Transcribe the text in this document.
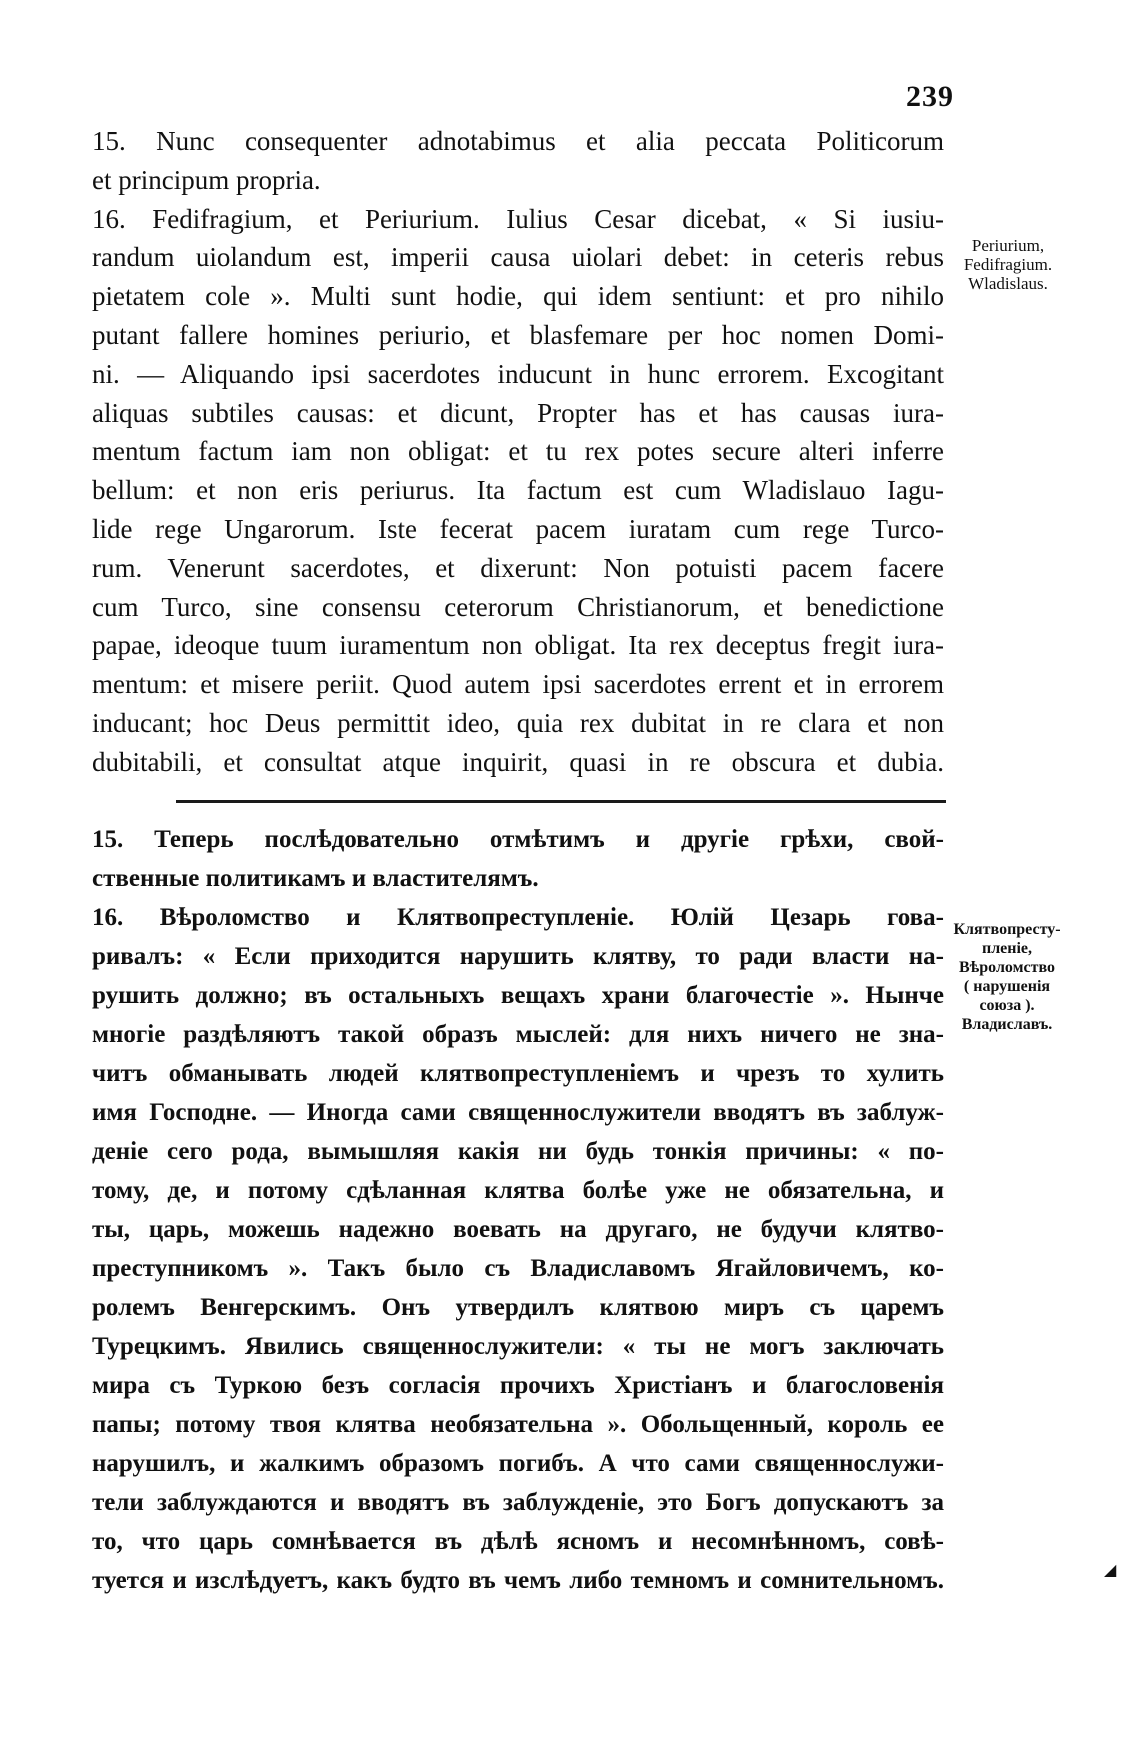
239
15. Nunc consequenter adnotabimus et alia peccata Politicorum
et principum propria.
16. Fedifragium, et Periurium. Iulius Cesar dicebat, « Si iusiu-
randum uiolandum est, imperii causa uiolari debet: in ceteris rebus
pietatem cole ». Multi sunt hodie, qui idem sentiunt: et pro nihilo
putant fallere homines periurio, et blasfemare per hoc nomen Domi-
ni. — Aliquando ipsi sacerdotes inducunt in hunc errorem. Excogitant
aliquas subtiles causas: et dicunt, Propter has et has causas iura-
mentum factum iam non obligat: et tu rex potes secure alteri inferre
bellum: et non eris periurus. Ita factum est cum Wladislauo Iagu-
lide rege Ungarorum. Iste fecerat pacem iuratam cum rege Turco-
rum. Venerunt sacerdotes, et dixerunt: Non potuisti pacem facere
cum Turco, sine consensu ceterorum Christianorum, et benedictione
papae, ideoque tuum iuramentum non obligat. Ita rex deceptus fregit iura-
mentum: et misere periit. Quod autem ipsi sacerdotes errent et in errorem
inducant; hoc Deus permittit ideo, quia rex dubitat in re clara et non
dubitabili, et consultat atque inquirit, quasi in re obscura et dubia.
Periurium,
Fedifragium.
Wladislaus.
15. Теперь послѣдовательно отмѣтимъ и другіе грѣхи, свой-
ственные политикамъ и властителямъ.
16. Вѣроломство и Клятвопреступленіе. Юлій Цезарь гова-
ривалъ: « Если приходится нарушить клятву, то ради власти на-
рушить должно; въ остальныхъ вещахъ храни благочестіе ». Нынче
многіе раздѣляютъ такой образъ мыслей: для нихъ ничего не зна-
читъ обманывать людей клятвопреступленіемъ и чрезъ то хулить
имя Господне. — Иногда сами священнослужители вводятъ въ заблуж-
деніе сего рода, вымышляя какія ни будь тонкія причины: « по-
тому, де, и потому сдѣланная клятва болѣе уже не обязательна, и
ты, царь, можешь надежно воевать на другаго, не будучи клятво-
преступникомъ ». Такъ было съ Владиславомъ Ягайловичемъ, ко-
ролемъ Венгерскимъ. Онъ утвердилъ клятвою миръ съ царемъ
Турецкимъ. Явились священнослужители: « ты не могъ заключать
мира съ Туркою безъ согласія прочихъ Христіанъ и благословенія
папы; потому твоя клятва необязательна ». Обольщенный, король ее
нарушилъ, и жалкимъ образомъ погибъ. А что сами священнослужи-
тели заблуждаются и вводятъ въ заблужденіе, это Богъ допускаютъ за
то, что царь сомнѣвается въ дѣлѣ ясномъ и несомнѣнномъ, совѣ-
туется и изслѣдуетъ, какъ будто въ чемъ либо темномъ и сомнительномъ.
Клятвопресту-
пленіе,
Вѣроломство
( нарушенія
союза ).
Владиславъ.
◢
